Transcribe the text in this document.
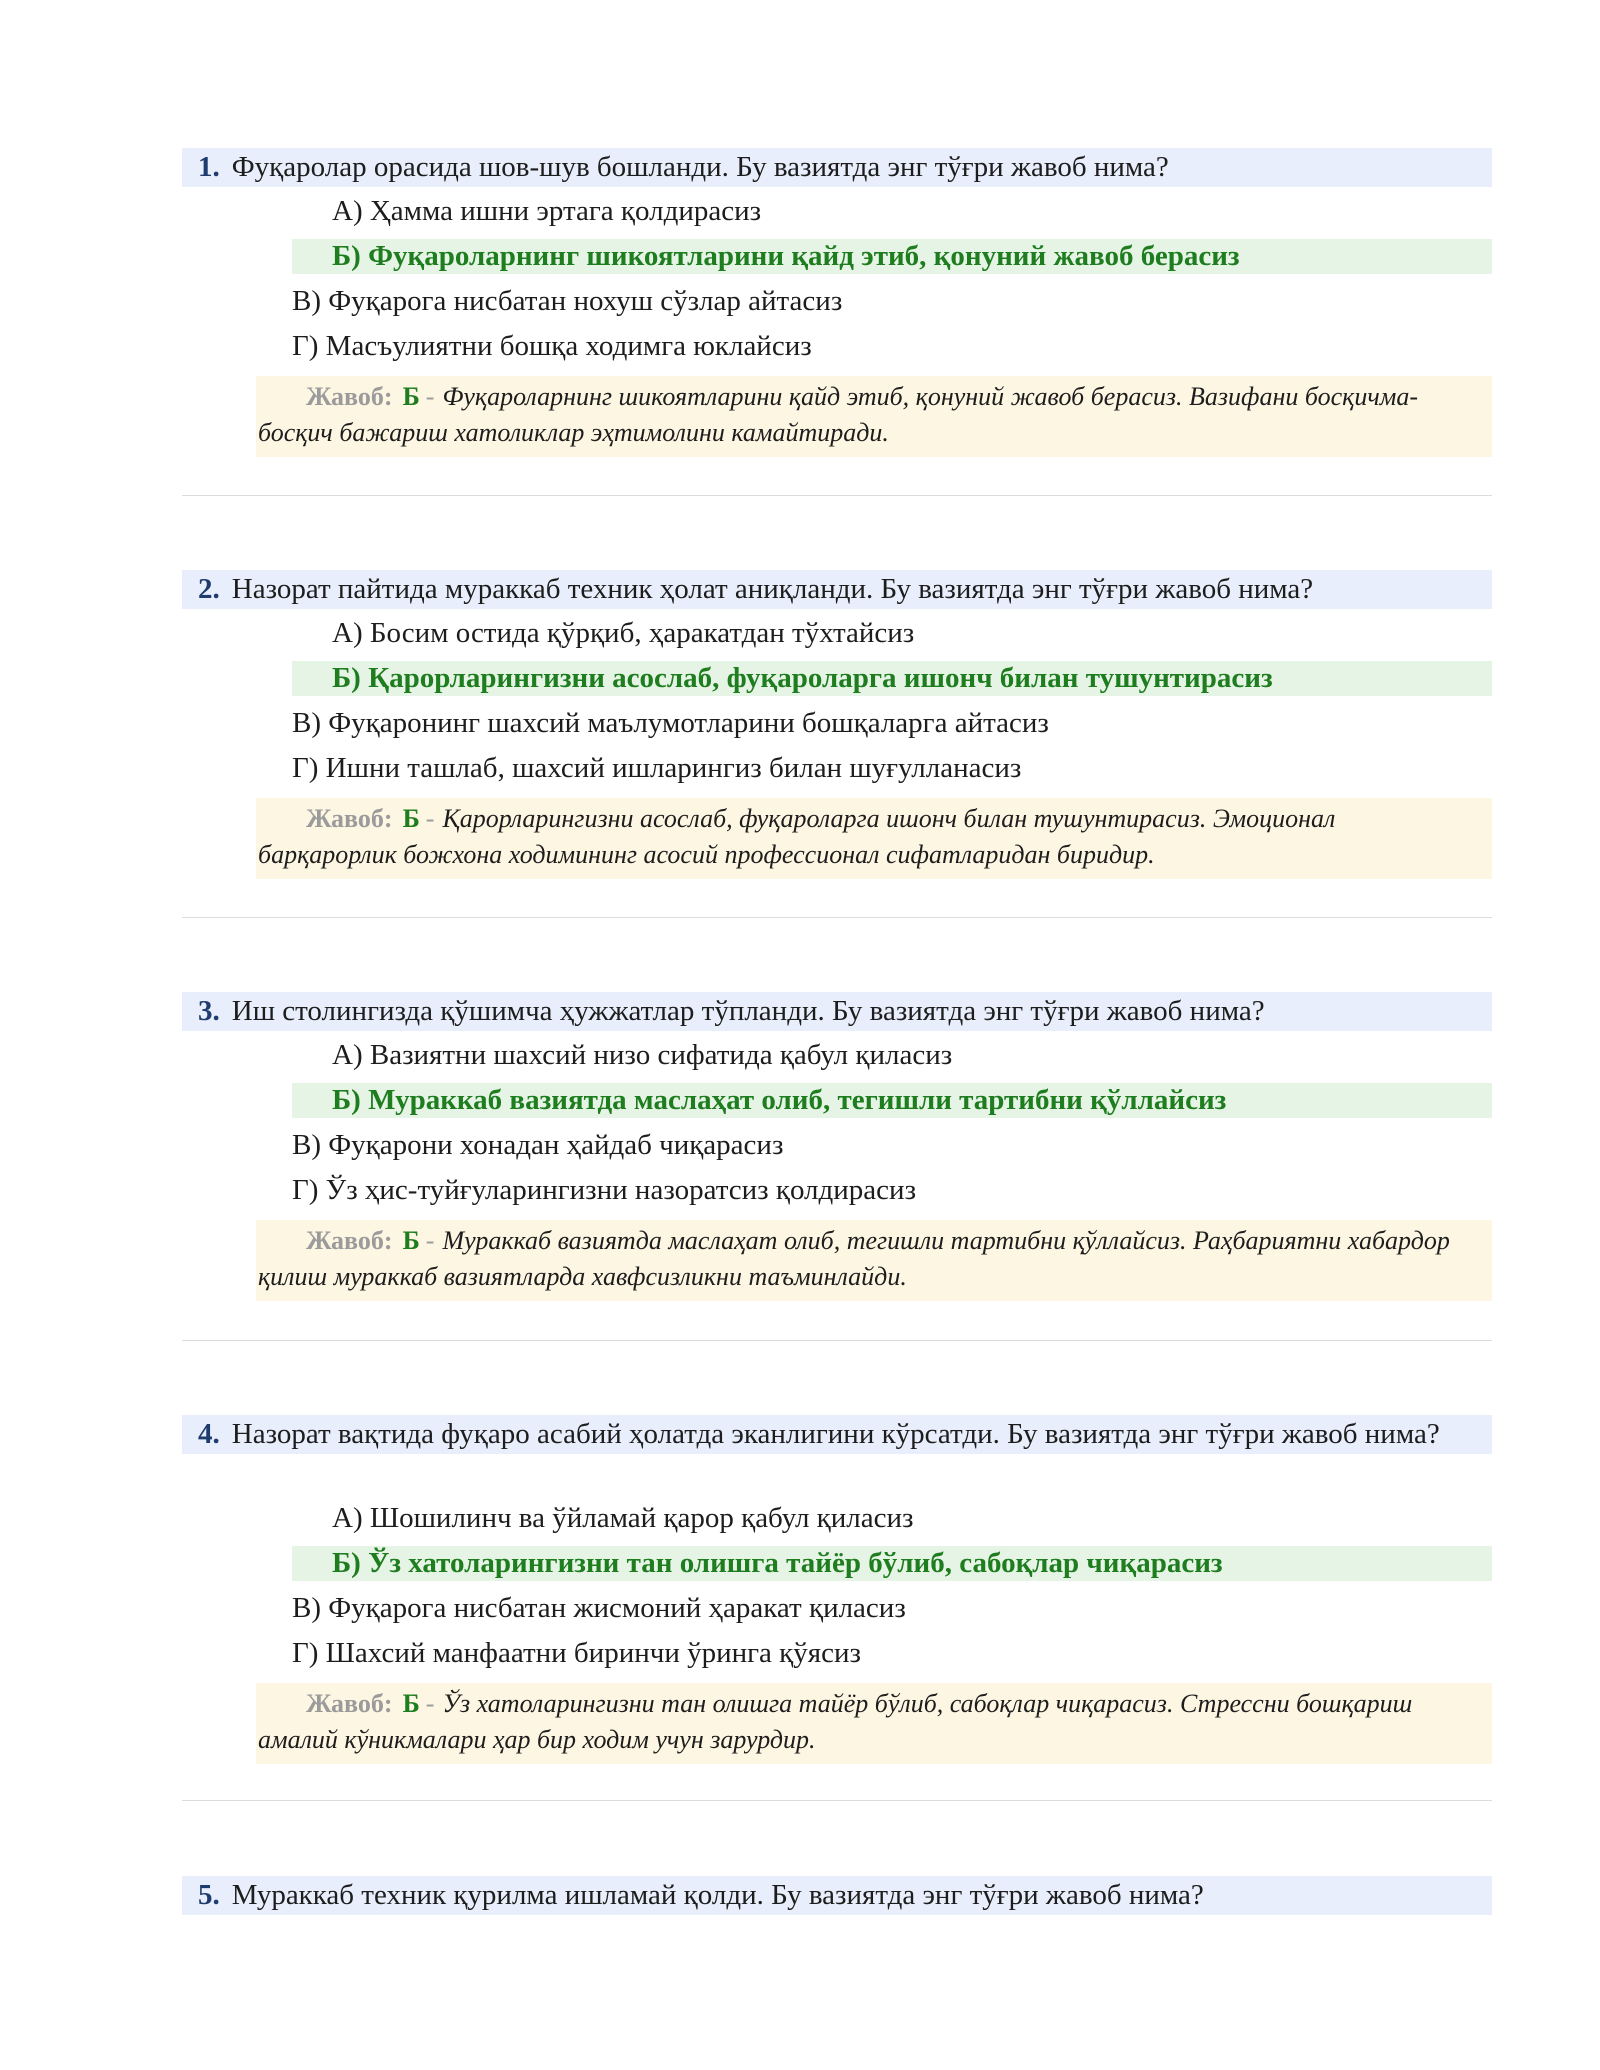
1. Фуқаролар орасида шов-шув бошланди. Бу вазиятда энг тўғри жавоб нима?
А) Ҳамма ишни эртага қолдирасиз
Б) Фуқароларнинг шикоятларини қайд этиб, қонуний жавоб берасиз
В) Фуқарога нисбатан нохуш сўзлар айтасиз
Г) Масъулиятни бошқа ходимга юклайсиз
Жавоб: Б - Фуқароларнинг шикоятларини қайд этиб, қонуний жавоб берасиз. Вазифани босқичма-босқич бажариш хатоликлар эҳтимолини камайтиради.
2. Назорат пайтида мураккаб техник ҳолат аниқланди. Бу вазиятда энг тўғри жавоб нима?
А) Босим остида қўрқиб, ҳаракатдан тўхтайсиз
Б) Қарорларингизни асослаб, фуқароларга ишонч билан тушунтирасиз
В) Фуқаронинг шахсий маълумотларини бошқаларга айтасиз
Г) Ишни ташлаб, шахсий ишларингиз билан шуғулланасиз
Жавоб: Б - Қарорларингизни асослаб, фуқароларга ишонч билан тушунтирасиз. Эмоционал барқарорлик божхона ходимининг асосий профессионал сифатларидан биридир.
3. Иш столингизда қўшимча ҳужжатлар тўпланди. Бу вазиятда энг тўғри жавоб нима?
А) Вазиятни шахсий низо сифатида қабул қиласиз
Б) Мураккаб вазиятда маслаҳат олиб, тегишли тартибни қўллайсиз
В) Фуқарони хонадан ҳайдаб чиқарасиз
Г) Ўз ҳис-туйғуларингизни назоратсиз қолдирасиз
Жавоб: Б - Мураккаб вазиятда маслаҳат олиб, тегишли тартибни қўллайсиз. Раҳбариятни хабардор қилиш мураккаб вазиятларда хавфсизликни таъминлайди.
4. Назорат вақтида фуқаро асабий ҳолатда эканлигини кўрсатди. Бу вазиятда энг тўғри жавоб нима?
А) Шошилинч ва ўйламай қарор қабул қиласиз
Б) Ўз хатоларингизни тан олишга тайёр бўлиб, сабоқлар чиқарасиз
В) Фуқарога нисбатан жисмоний ҳаракат қиласиз
Г) Шахсий манфаатни биринчи ўринга қўясиз
Жавоб: Б - Ўз хатоларингизни тан олишга тайёр бўлиб, сабоқлар чиқарасиз. Стрессни бошқариш амалий кўникмалари ҳар бир ходим учун зарурдир.
5. Мураккаб техник қурилма ишламай қолди. Бу вазиятда энг тўғри жавоб нима?
